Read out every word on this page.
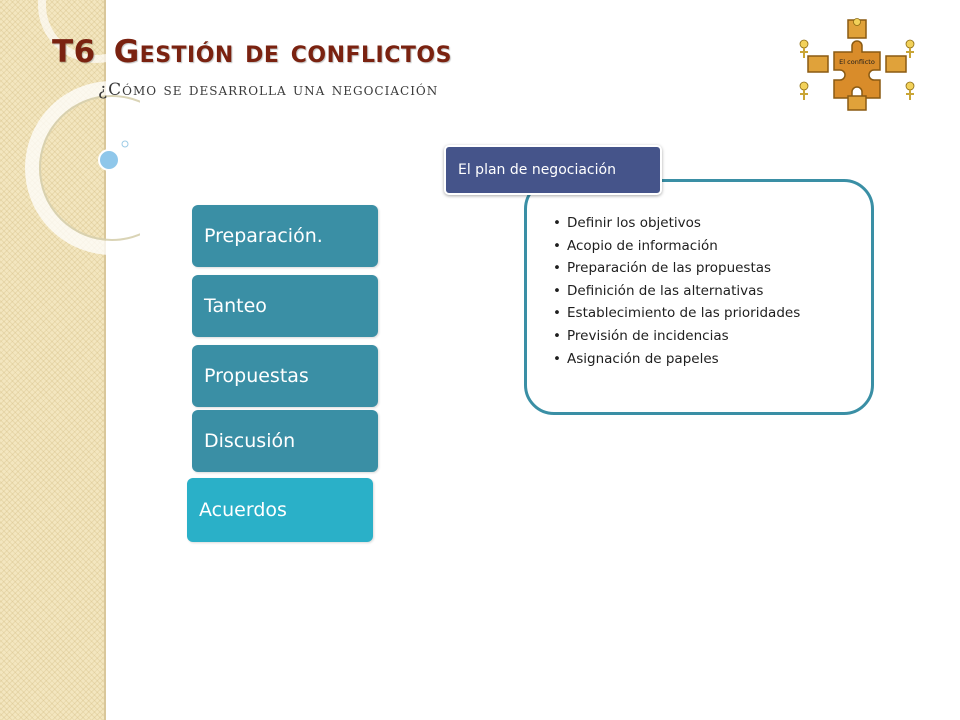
T6 Gestión de conflictos

¿Cómo se desarrolla una negociación

El conflicto
Preparación.
Tanteo
Propuestas
Discusión
Acuerdos
• Definir los objetivos
• Acopio de información
• Preparación de las propuestas
• Definición de las alternativas
• Establecimiento de las prioridades
• Previsión de incidencias
• Asignación de papeles
El plan de negociación
